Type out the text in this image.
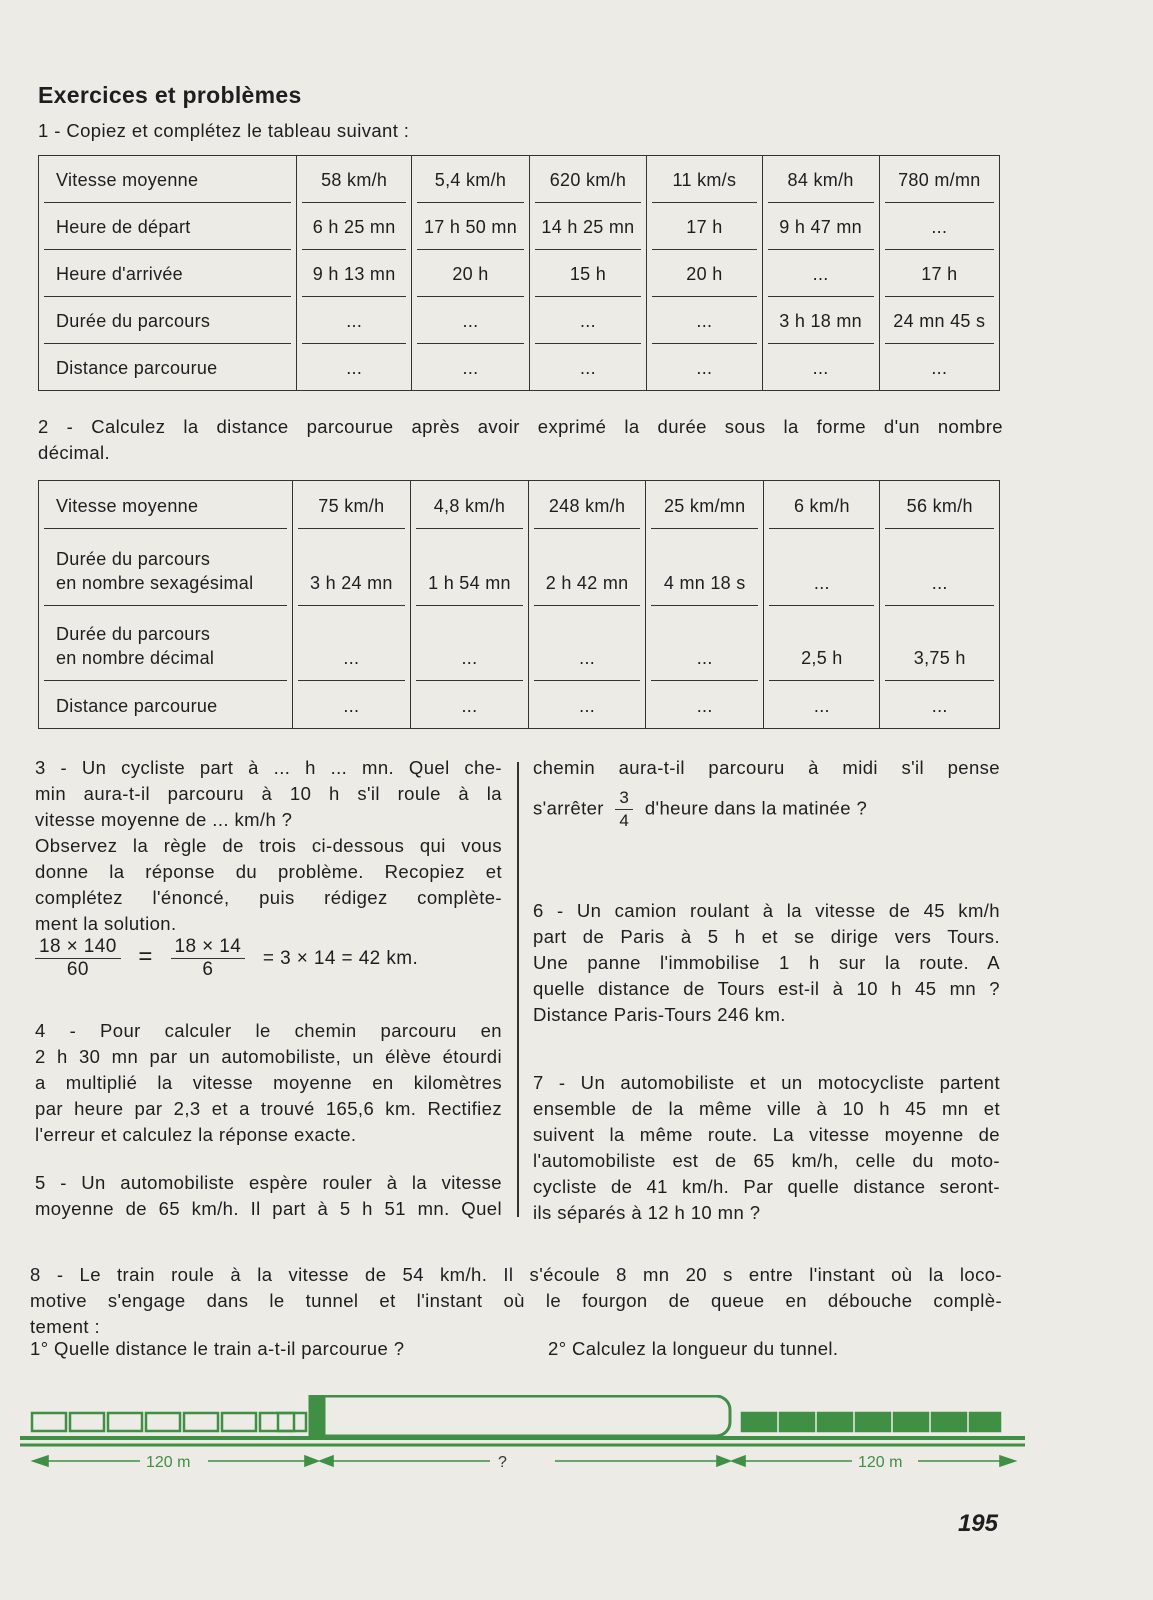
Exercices et problèmes
1 - Copiez et complétez le tableau suivant :
Vitesse moyenne	58 km/h	5,4 km/h	620 km/h	11 km/s	84 km/h	780 m/mn

Heure de départ	6 h 25 mn	17 h 50 mn	14 h 25 mn	17 h	9 h 47 mn	...

Heure d'arrivée	9 h 13 mn	20 h	15 h	20 h	...	17 h

Durée du parcours	...	...	...	...	3 h 18 mn	24 mn 45 s

Distance parcourue	...	...	...	...	...	...
2 - Calculez la distance parcourue après avoir exprimé la durée sous la forme d'un nombre
décimal.
Vitesse moyenne	75 km/h	4,8 km/h	248 km/h	25 km/mn	6 km/h	56 km/h

Durée du parcours
en nombre sexagésimal	3 h 24 mn	1 h 54 mn	2 h 42 mn	4 mn 18 s	...	...

Durée du parcours
en nombre décimal	...	...	...	...	2,5 h	3,75 h

Distance parcourue	...	...	...	...	...	...
3 - Un cycliste part à ... h ... mn. Quel che-
min aura-t-il parcouru à 10 h s'il roule à la
vitesse moyenne de ... km/h ?
Observez la règle de trois ci-dessous qui vous
donne la réponse du problème. Recopiez et
complétez l'énoncé, puis rédigez complète-
ment la solution.
$\frac{18 \times 140}{60} = \frac{18 \times 14}{6} = 3 \times 14 = 42$ km.
4 - Pour calculer le chemin parcouru en
2 h 30 mn par un automobiliste, un élève étourdi
a multiplié la vitesse moyenne en kilomètres
par heure par 2,3 et a trouvé 165,6 km. Rectifiez
l'erreur et calculez la réponse exacte.
5 - Un automobiliste espère rouler à la vitesse
moyenne de 65 km/h. Il part à 5 h 51 mn. Quel
chemin aura-t-il parcouru à midi s'il pense
s'arrêter $\frac{3}{4}$ d'heure dans la matinée ?
6 - Un camion roulant à la vitesse de 45 km/h
part de Paris à 5 h et se dirige vers Tours.
Une panne l'immobilise 1 h sur la route. A
quelle distance de Tours est-il à 10 h 45 mn ?
Distance Paris-Tours 246 km.
7 - Un automobiliste et un motocycliste partent
ensemble de la même ville à 10 h 45 mn et
suivent la même route. La vitesse moyenne de
l'automobiliste est de 65 km/h, celle du moto-
cycliste de 41 km/h. Par quelle distance seront-
ils séparés à 12 h 10 mn ?
8 - Le train roule à la vitesse de 54 km/h. Il s'écoule 8 mn 20 s entre l'instant où la loco-
motive s'engage dans le tunnel et l'instant où le fourgon de queue en débouche complè-
tement :
1° Quelle distance le train a-t-il parcourue ?	2° Calculez la longueur du tunnel.
120 m	?	120 m
195
